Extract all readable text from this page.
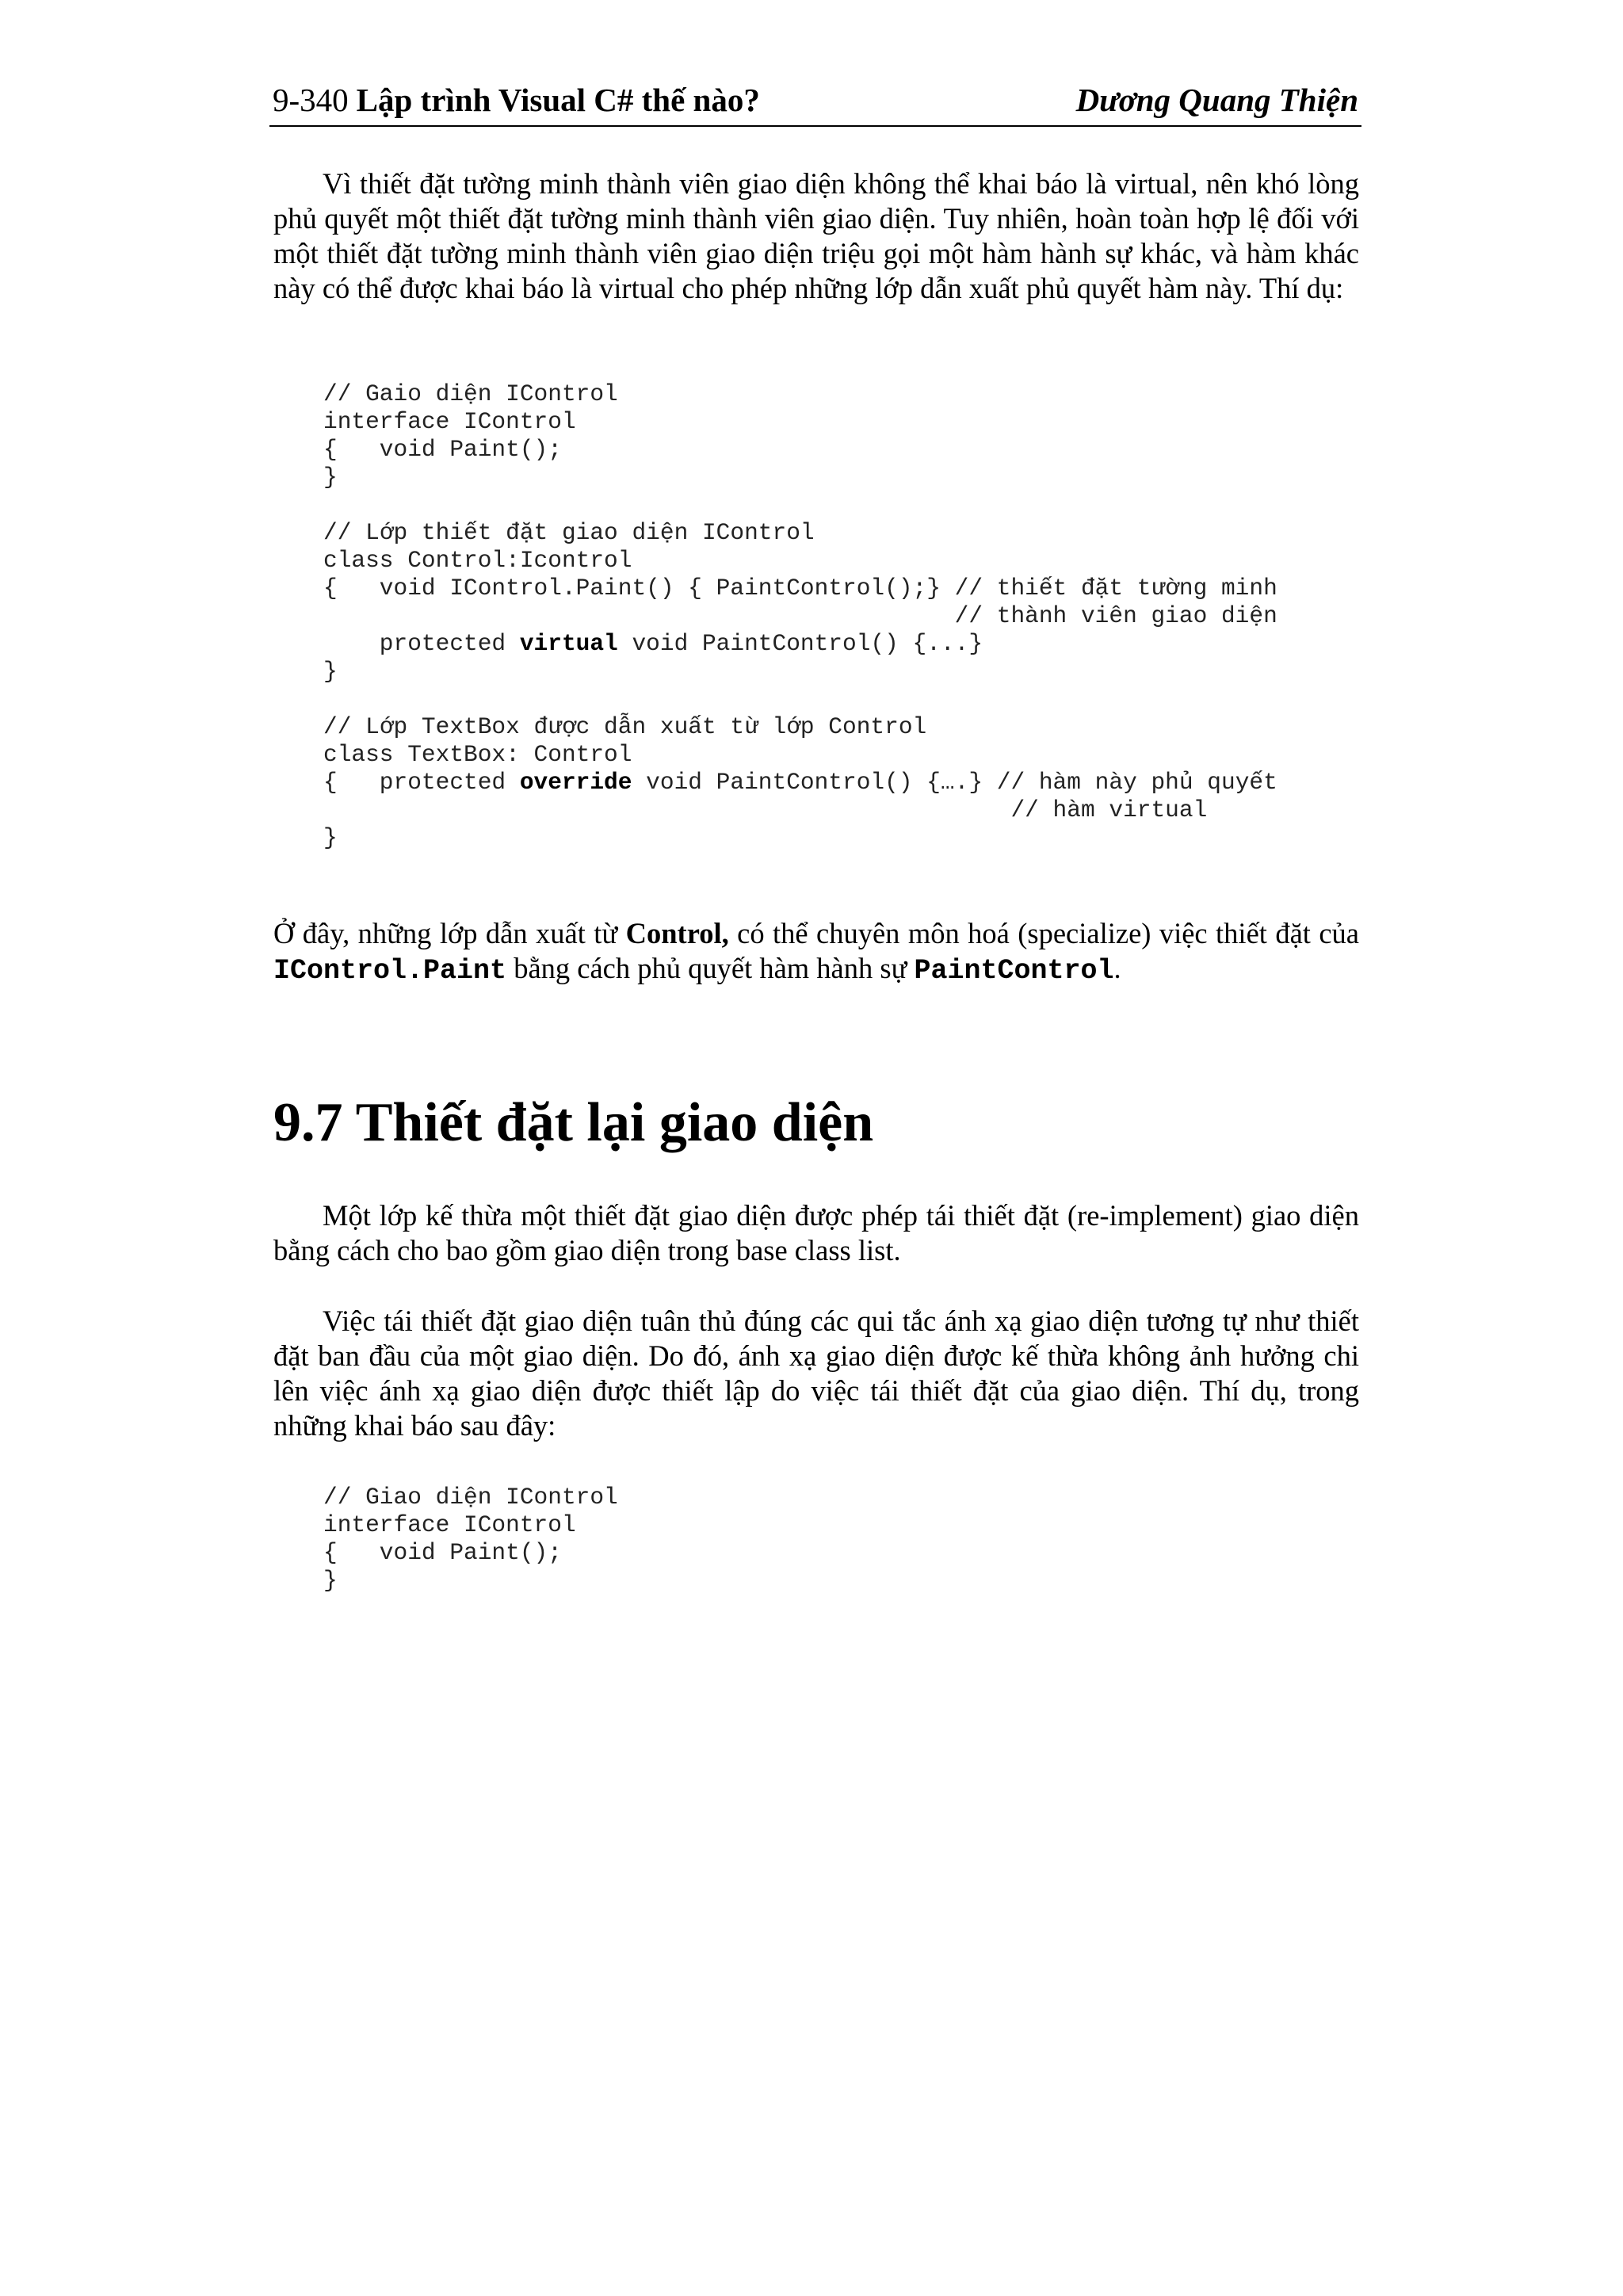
9-340 Lập trình Visual C# thế nào?	Dương Quang Thiện
Vì thiết đặt tường minh thành viên giao diện không thể khai báo là virtual, nên khó lòng phủ quyết một thiết đặt tường minh thành viên giao diện. Tuy nhiên, hoàn toàn hợp lệ đối với một thiết đặt tường minh thành viên giao diện triệu gọi một hàm hành sự khác, và hàm khác này có thể được khai báo là virtual cho phép những lớp dẫn xuất phủ quyết hàm này. Thí dụ:
// Gaio diện IControl
interface IControl
{   void Paint();
}
// Lớp thiết đặt giao diện IControl
class Control:Icontrol
{   void IControl.Paint() { PaintControl();} // thiết đặt tường minh
// thành viên giao diện
protected virtual void PaintControl() {...}
}
// Lớp TextBox được dẫn xuất từ lớp Control
class TextBox: Control
{   protected override void PaintControl() {….} // hàm này phủ quyết
// hàm virtual
}
Ở đây, những lớp dẫn xuất từ Control, có thể chuyên môn hoá (specialize) việc thiết đặt của IControl.Paint bằng cách phủ quyết hàm hành sự PaintControl.
9.7 Thiết đặt lại giao diện
Một lớp kế thừa một thiết đặt giao diện được phép tái thiết đặt (re-implement) giao diện bằng cách cho bao gồm giao diện trong base class list.
Việc tái thiết đặt giao diện tuân thủ đúng các qui tắc ánh xạ giao diện tương tự như thiết đặt ban đầu của một giao diện. Do đó, ánh xạ giao diện được kế thừa không ảnh hưởng chi lên việc ánh xạ giao diện được thiết lập do việc tái thiết đặt của giao diện. Thí dụ, trong những khai báo sau đây:
// Giao diện IControl
interface IControl
{   void Paint();
}
